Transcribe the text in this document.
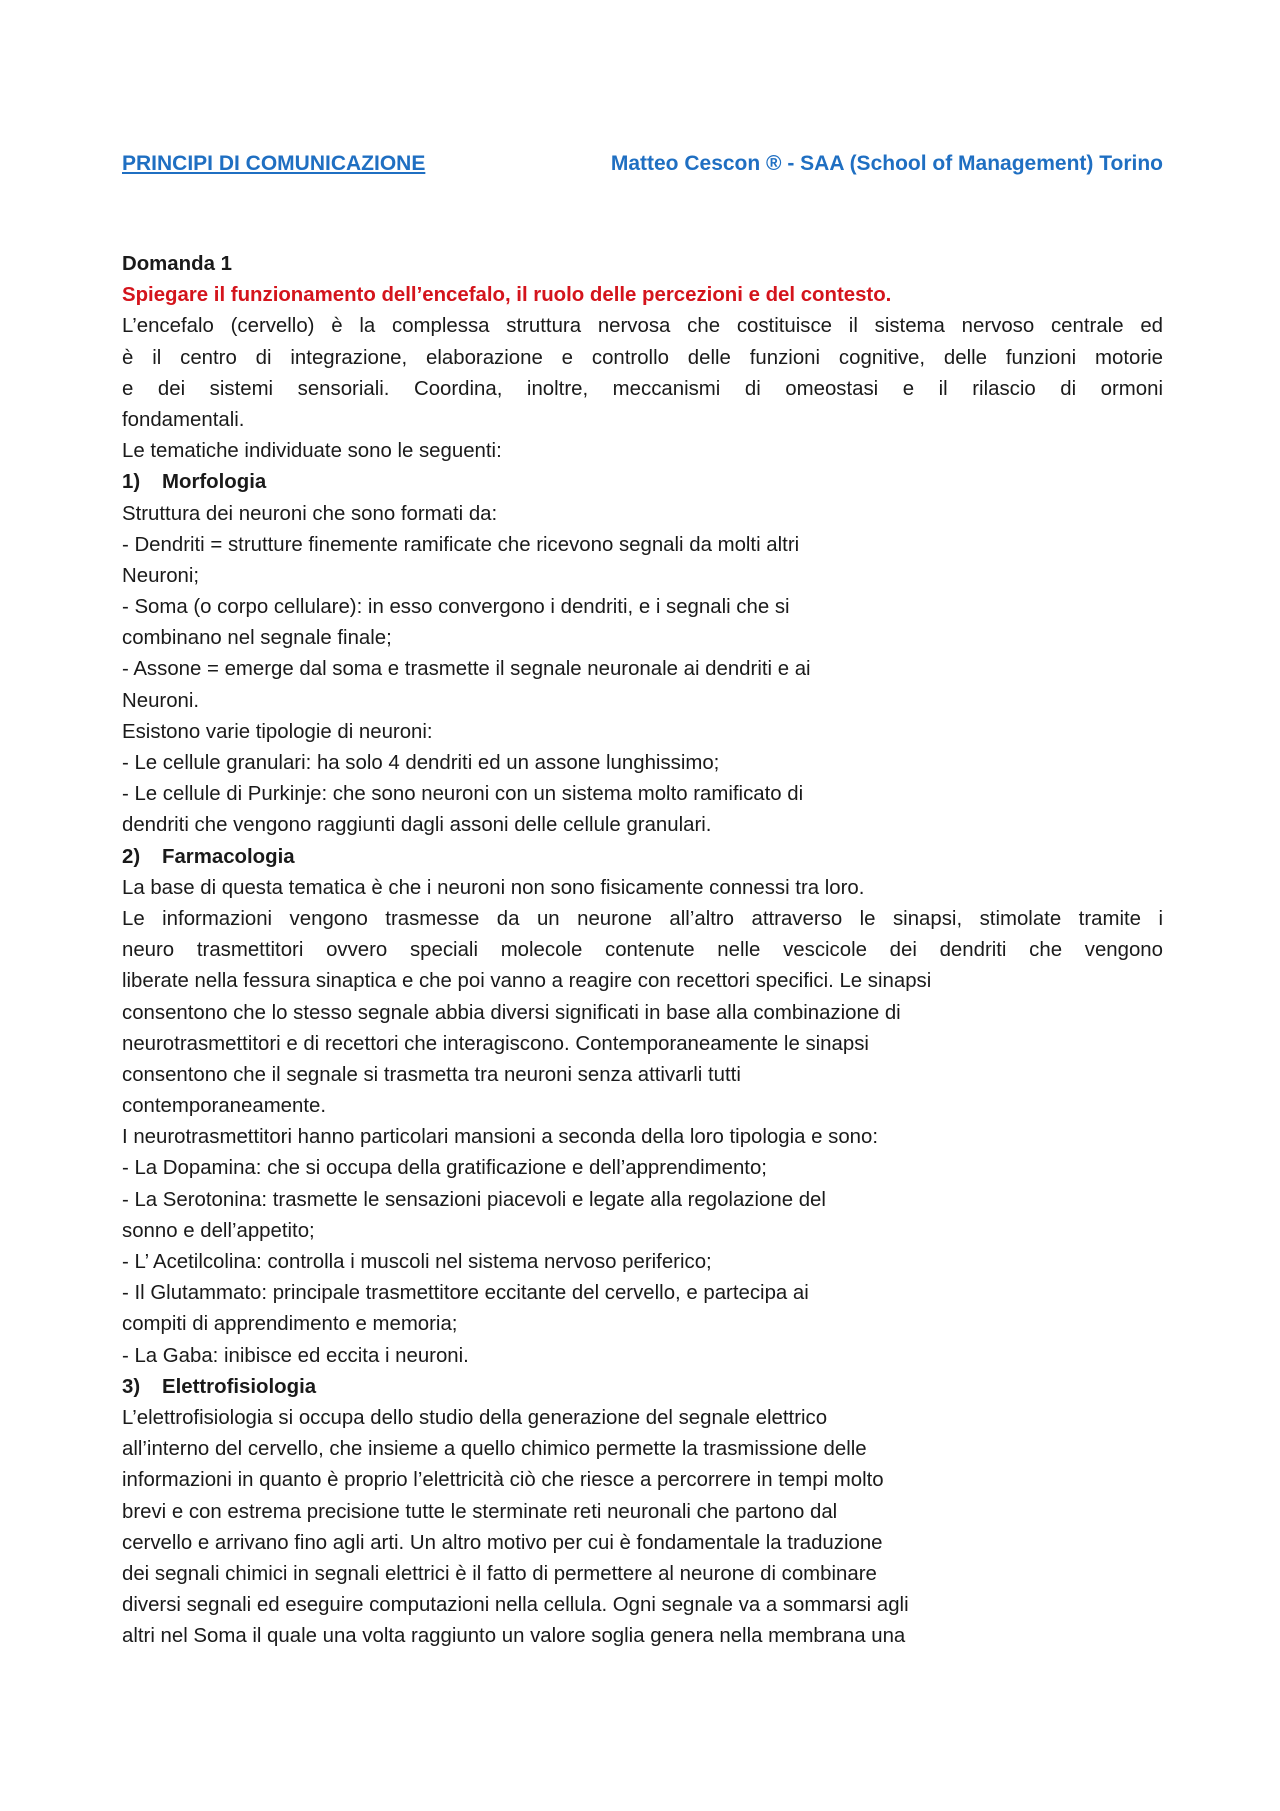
PRINCIPI DI COMUNICAZIONE	Matteo Cescon ® - SAA (School of Management) Torino
Domanda 1
Spiegare il funzionamento dell’encefalo, il ruolo delle percezioni e del contesto.
L’encefalo (cervello) è la complessa struttura nervosa che costituisce il sistema nervoso centrale ed
è il centro di integrazione, elaborazione e controllo delle funzioni cognitive, delle funzioni motorie
e dei sistemi sensoriali. Coordina, inoltre, meccanismi di omeostasi e il rilascio di ormoni
fondamentali.
Le tematiche individuate sono le seguenti:
1) Morfologia
Struttura dei neuroni che sono formati da:
- Dendriti = strutture finemente ramificate che ricevono segnali da molti altri
Neuroni;
- Soma (o corpo cellulare): in esso convergono i dendriti, e i segnali che si
combinano nel segnale finale;
- Assone = emerge dal soma e trasmette il segnale neuronale ai dendriti e ai
Neuroni.
Esistono varie tipologie di neuroni:
- Le cellule granulari: ha solo 4 dendriti ed un assone lunghissimo;
- Le cellule di Purkinje: che sono neuroni con un sistema molto ramificato di
dendriti che vengono raggiunti dagli assoni delle cellule granulari.
2) Farmacologia
La base di questa tematica è che i neuroni non sono fisicamente connessi tra loro.
Le informazioni vengono trasmesse da un neurone all’altro attraverso le sinapsi, stimolate tramite i
neuro trasmettitori ovvero speciali molecole contenute nelle vescicole dei dendriti che vengono
liberate nella fessura sinaptica e che poi vanno a reagire con recettori specifici. Le sinapsi
consentono che lo stesso segnale abbia diversi significati in base alla combinazione di
neurotrasmettitori e di recettori che interagiscono. Contemporaneamente le sinapsi
consentono che il segnale si trasmetta tra neuroni senza attivarli tutti
contemporaneamente.
I neurotrasmettitori hanno particolari mansioni a seconda della loro tipologia e sono:
- La Dopamina: che si occupa della gratificazione e dell’apprendimento;
- La Serotonina: trasmette le sensazioni piacevoli e legate alla regolazione del
sonno e dell’appetito;
- L’ Acetilcolina: controlla i muscoli nel sistema nervoso periferico;
- Il Glutammato: principale trasmettitore eccitante del cervello, e partecipa ai
compiti di apprendimento e memoria;
- La Gaba: inibisce ed eccita i neuroni.
3) Elettrofisiologia
L’elettrofisiologia si occupa dello studio della generazione del segnale elettrico
all’interno del cervello, che insieme a quello chimico permette la trasmissione delle
informazioni in quanto è proprio l’elettricità ciò che riesce a percorrere in tempi molto
brevi e con estrema precisione tutte le sterminate reti neuronali che partono dal
cervello e arrivano fino agli arti. Un altro motivo per cui è fondamentale la traduzione
dei segnali chimici in segnali elettrici è il fatto di permettere al neurone di combinare
diversi segnali ed eseguire computazioni nella cellula. Ogni segnale va a sommarsi agli
altri nel Soma il quale una volta raggiunto un valore soglia genera nella membrana una
